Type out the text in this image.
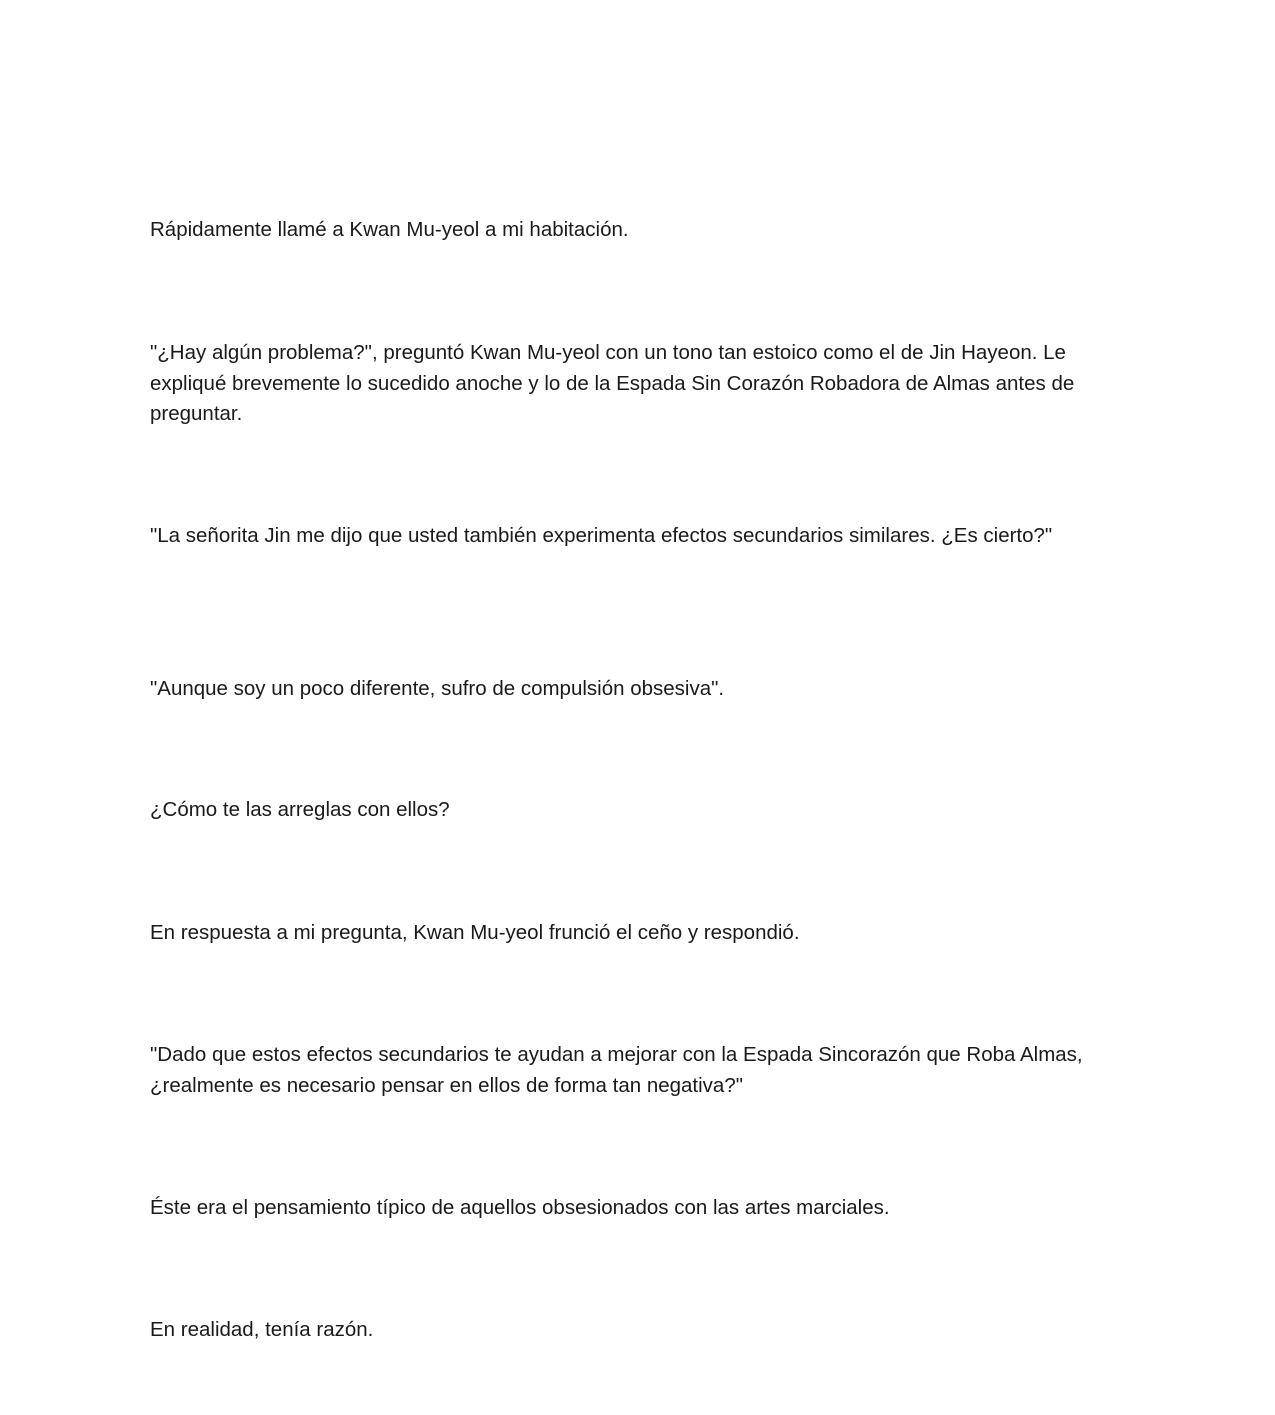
Rápidamente llamé a Kwan Mu-yeol a mi habitación.

"¿Hay algún problema?", preguntó Kwan Mu-yeol con un tono tan estoico como el de Jin Hayeon. Le expliqué brevemente lo sucedido anoche y lo de la Espada Sin Corazón Robadora de Almas antes de preguntar.

"La señorita Jin me dijo que usted también experimenta efectos secundarios similares. ¿Es cierto?"

"Aunque soy un poco diferente, sufro de compulsión obsesiva".

¿Cómo te las arreglas con ellos?

En respuesta a mi pregunta, Kwan Mu-yeol frunció el ceño y respondió.

"Dado que estos efectos secundarios te ayudan a mejorar con la Espada Sincorazón que Roba Almas, ¿realmente es necesario pensar en ellos de forma tan negativa?"

Éste era el pensamiento típico de aquellos obsesionados con las artes marciales.

En realidad, tenía razón.
